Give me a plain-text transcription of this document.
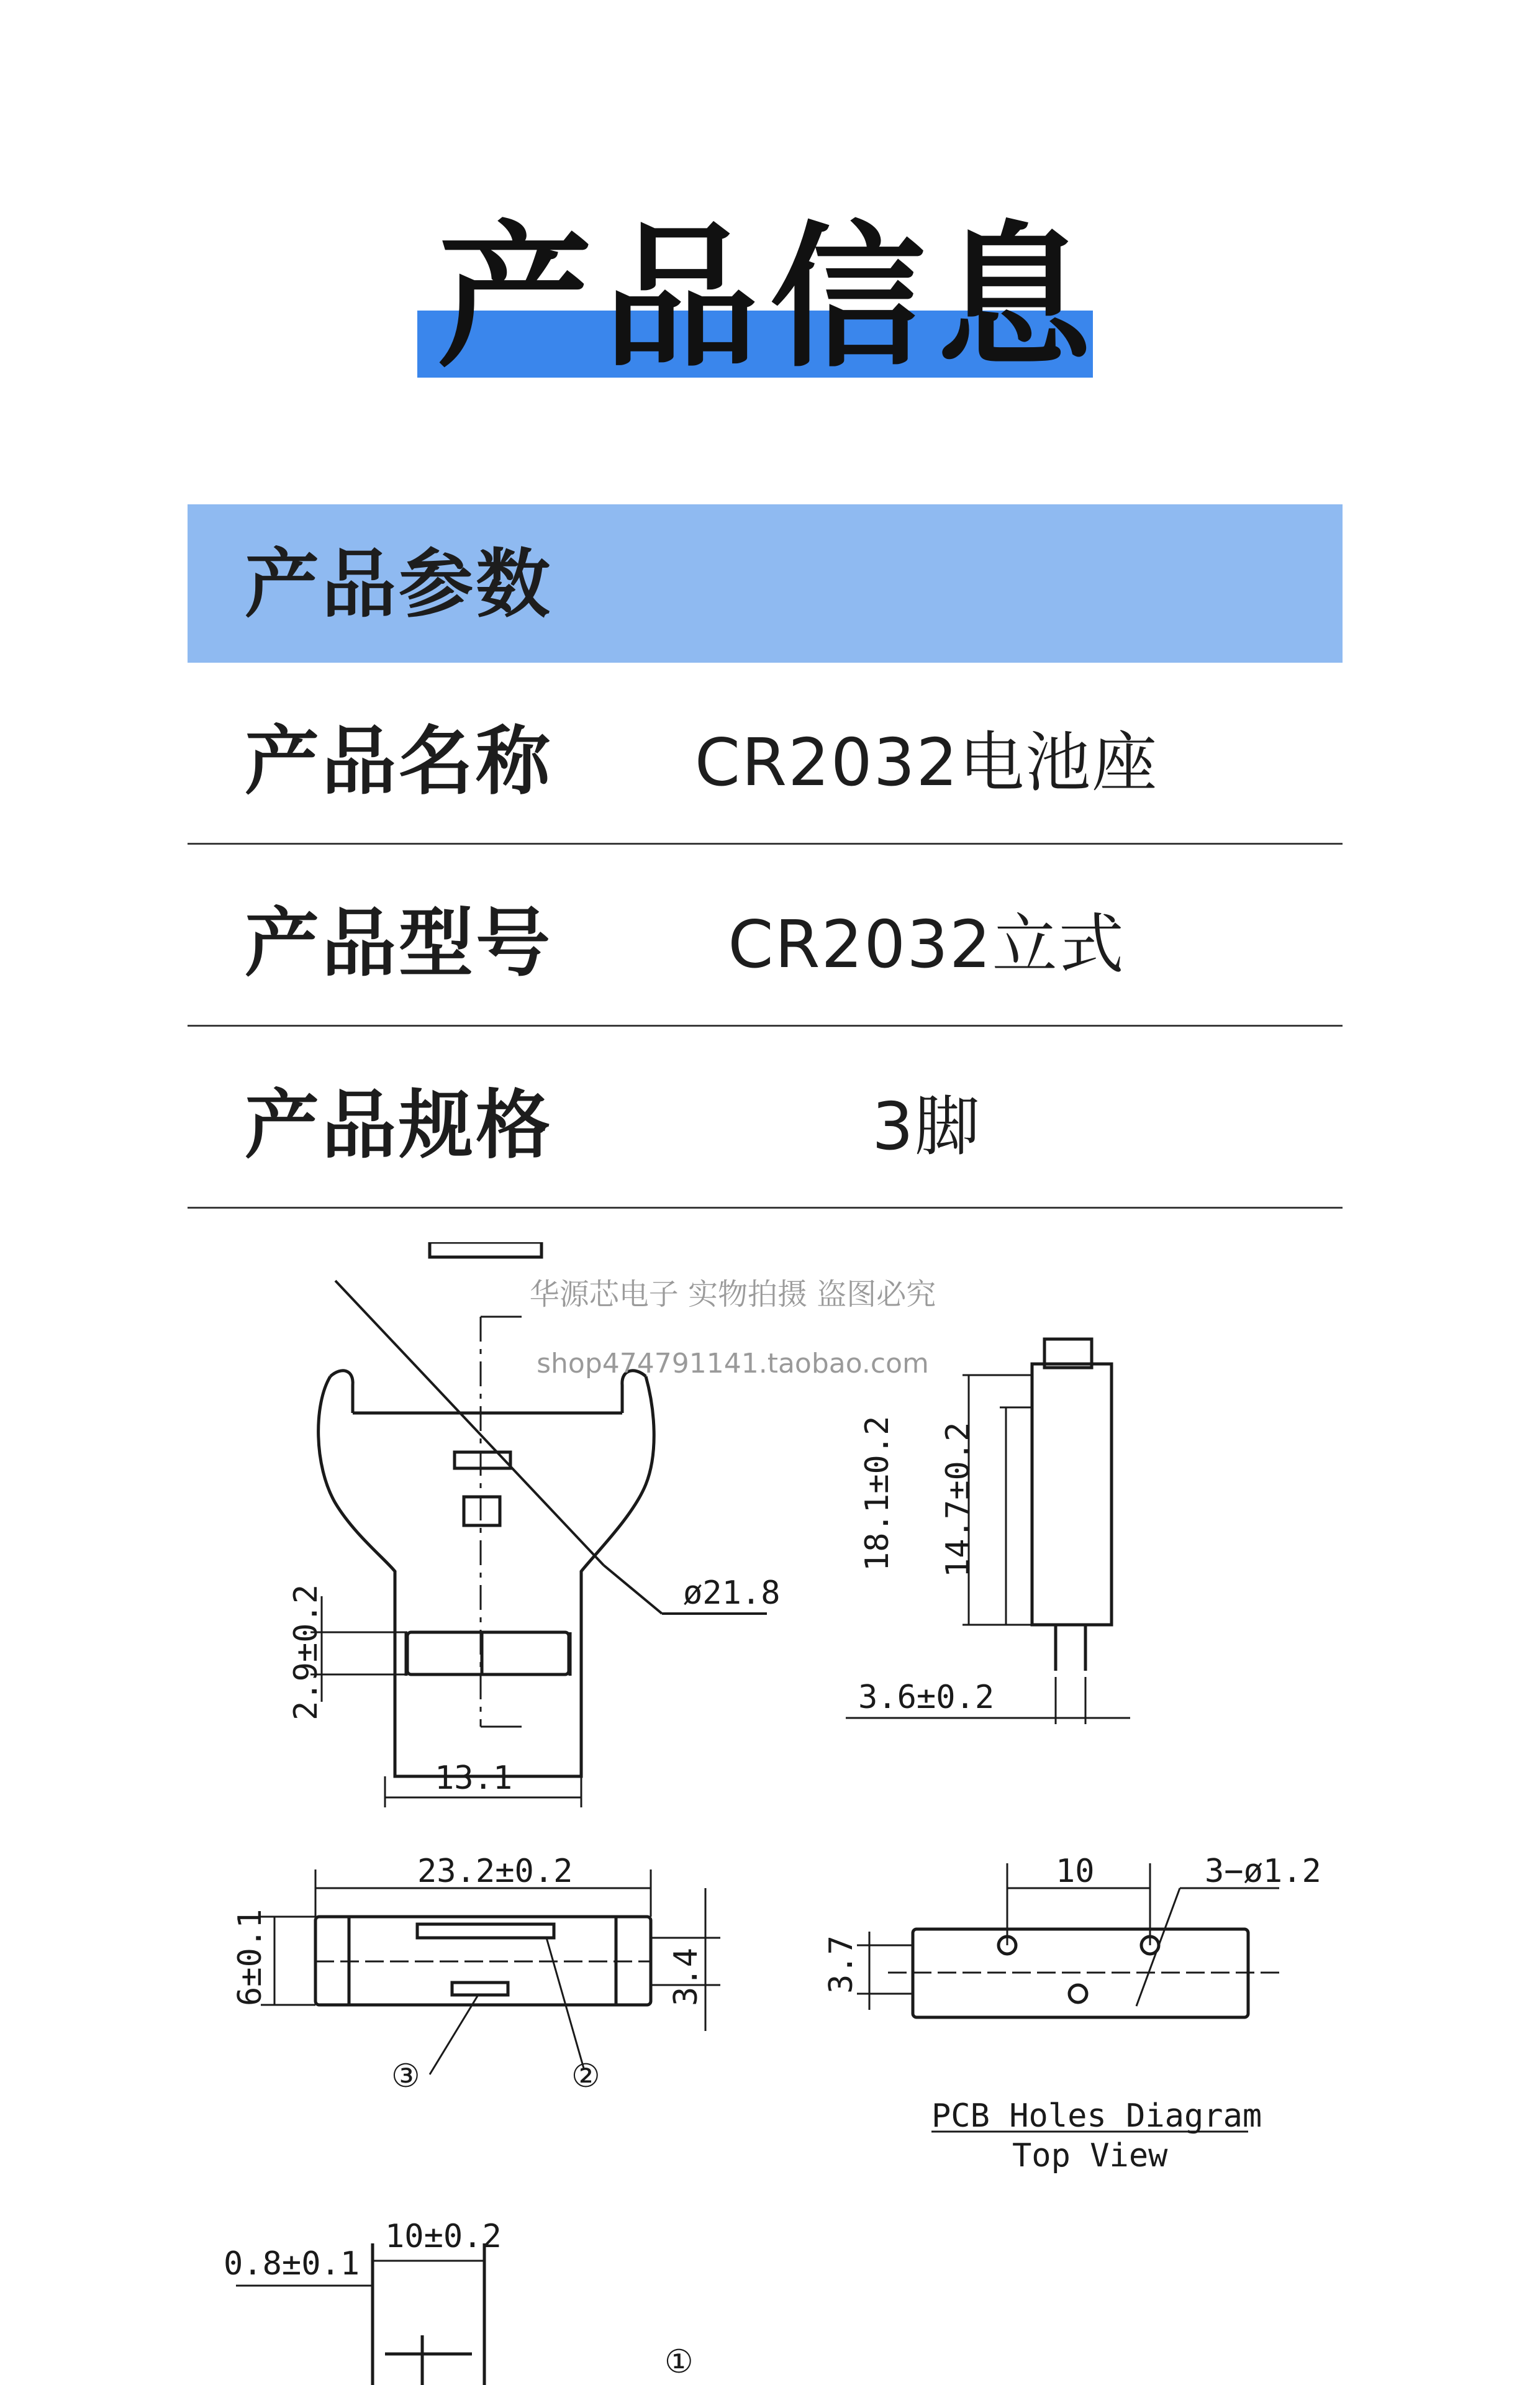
产品信息
产品参数
产品名称	CR2032电池座
产品型号	CR2032立式
产品规格	3脚
华源芯电子 实物拍摄 盗图必究
shop474791141.taobao.com
ø21.8
2.9±0.2
13.1
18.1±0.2 14.7±0.2
3.6±0.2
23.2±0.2
6±0.1	3.4
10	3−ø1.2
3.7
PCB Holes Diagram
Top View
10±0.2
0.8±0.1
③	②
①
